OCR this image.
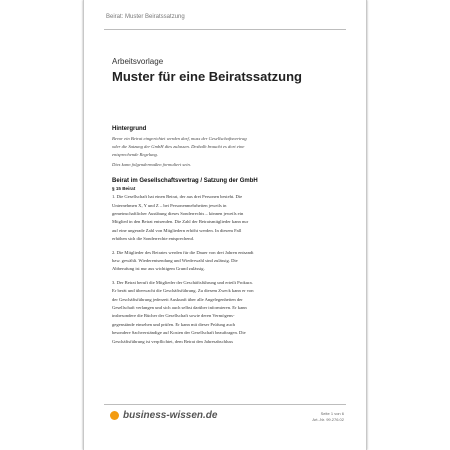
Beirat: Muster Beiratssatzung
Arbeitsvorlage
Muster für eine Beiratssatzung

Hintergrund

Bevor ein Beirat eingerichtet werden darf, muss der Gesellschaftsvertrag

oder die Satzung der GmbH dies zulassen. Deshalb braucht es dort eine

entsprechende Regelung.

Dies kann folgendermaßen formuliert sein.

Beirat im Gesellschaftsvertrag / Satzung der GmbH

§ 15 Beirat

1. Die Gesellschaft hat einen Beirat, der aus drei Personen besteht. Die

Unternehmen X, Y und Z – bei Personenmehrheiten jeweils in

gemeinschaftlicher Ausübung dieses Sonderrechts – können jeweils ein

Mitglied in den Beirat entsenden. Die Zahl der Beiratsmitglieder kann nur

auf eine ungerade Zahl von Mitgliedern erhöht werden. In diesem Fall

erhöhen sich die Sonderrechte entsprechend.

2. Die Mitglieder des Beirates werden für die Dauer von drei Jahren entsandt

bzw. gewählt. Wiederentsendung und Wiederwahl sind zulässig. Die

Abberufung ist nur aus wichtigem Grund zulässig.

3. Der Beirat beruft die Mitglieder der Geschäftsführung und erteilt Prokura.

Er berät und überwacht die Geschäftsführung. Zu diesem Zweck kann er von

der Geschäftsführung jederzeit Auskunft über alle Angelegenheiten der

Gesellschaft verlangen und sich auch selbst darüber informieren. Er kann

insbesondere die Bücher der Gesellschaft sowie deren Vermögens-

gegenstände einsehen und prüfen. Er kann mit dieser Prüfung auch

besondere Sachverständige auf Kosten der Gesellschaft beauftragen. Die

Geschäftsführung ist verpflichtet, dem Beirat den Jahresabschluss

business-wissen.de	Seite 1 von 6
Art.-Nr. 99.276.02
